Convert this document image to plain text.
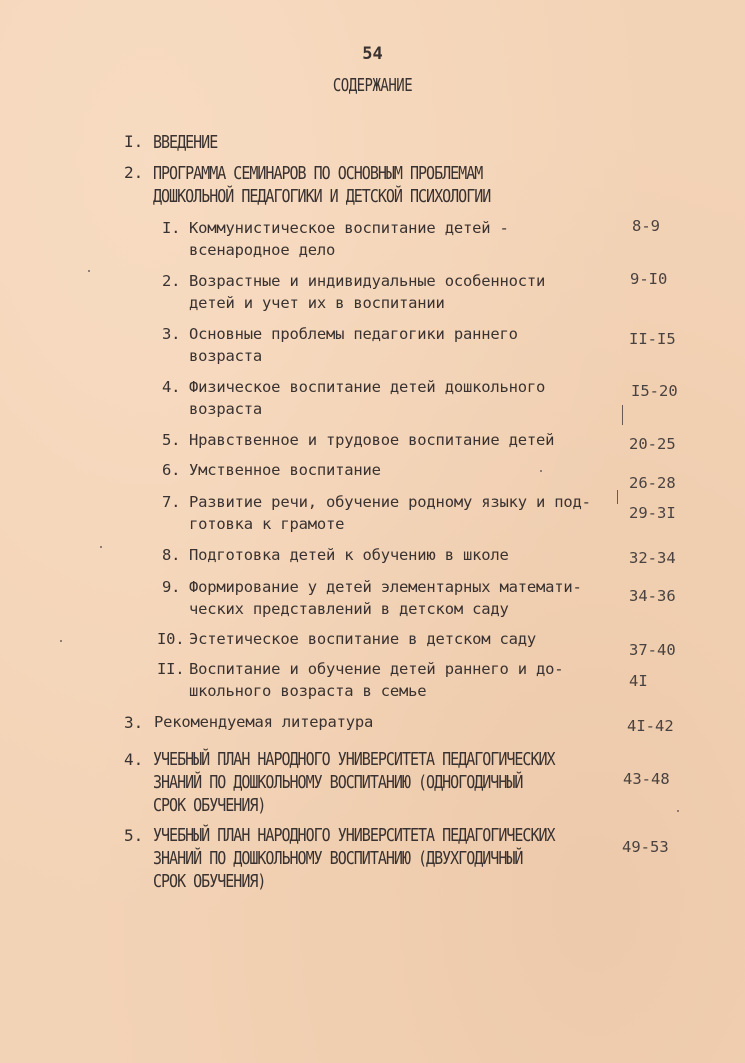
54
СОДЕРЖАНИЕ
I. ВВЕДЕНИЕ
2. ПРОГРАММА СЕМИНАРОВ ПО ОСНОВНЫМ ПРОБЛЕМАМ
ДОШКОЛЬНОЙ ПЕДАГОГИКИ И ДЕТСКОЙ ПСИХОЛОГИИ
I. Коммунистическое воспитание детей -
всенародное дело
8-9
2. Возрастные и индивидуальные особенности
детей и учет их в воспитании
9-I0
3. Основные проблемы педагогики раннего
возраста
II-I5
4. Физическое воспитание детей дошкольного
возраста
I5-20
5. Нравственное и трудовое воспитание детей	20-25
6. Умственное воспитание
26-28
7. Развитие речи, обучение родному языку и под-
готовка к грамоте
29-3I
8. Подготовка детей к обучению в школе	32-34
9. Формирование у детей элементарных математи-
ческих представлений в детском саду
34-36
I0. Эстетическое воспитание в детском саду
37-40
II. Воспитание и обучение детей раннего и до-
школьного возраста в семье
4I
3. Рекомендуемая литература	4I-42
4. УЧЕБНЫЙ ПЛАН НАРОДНОГО УНИВЕРСИТЕТА ПЕДАГОГИЧЕСКИХ
ЗНАНИЙ ПО ДОШКОЛЬНОМУ ВОСПИТАНИЮ (ОДНОГОДИЧНЫЙ
СРОК ОБУЧЕНИЯ)
43-48
5. УЧЕБНЫЙ ПЛАН НАРОДНОГО УНИВЕРСИТЕТА ПЕДАГОГИЧЕСКИХ
ЗНАНИЙ ПО ДОШКОЛЬНОМУ ВОСПИТАНИЮ (ДВУХГОДИЧНЫЙ
СРОК ОБУЧЕНИЯ)
49-53
